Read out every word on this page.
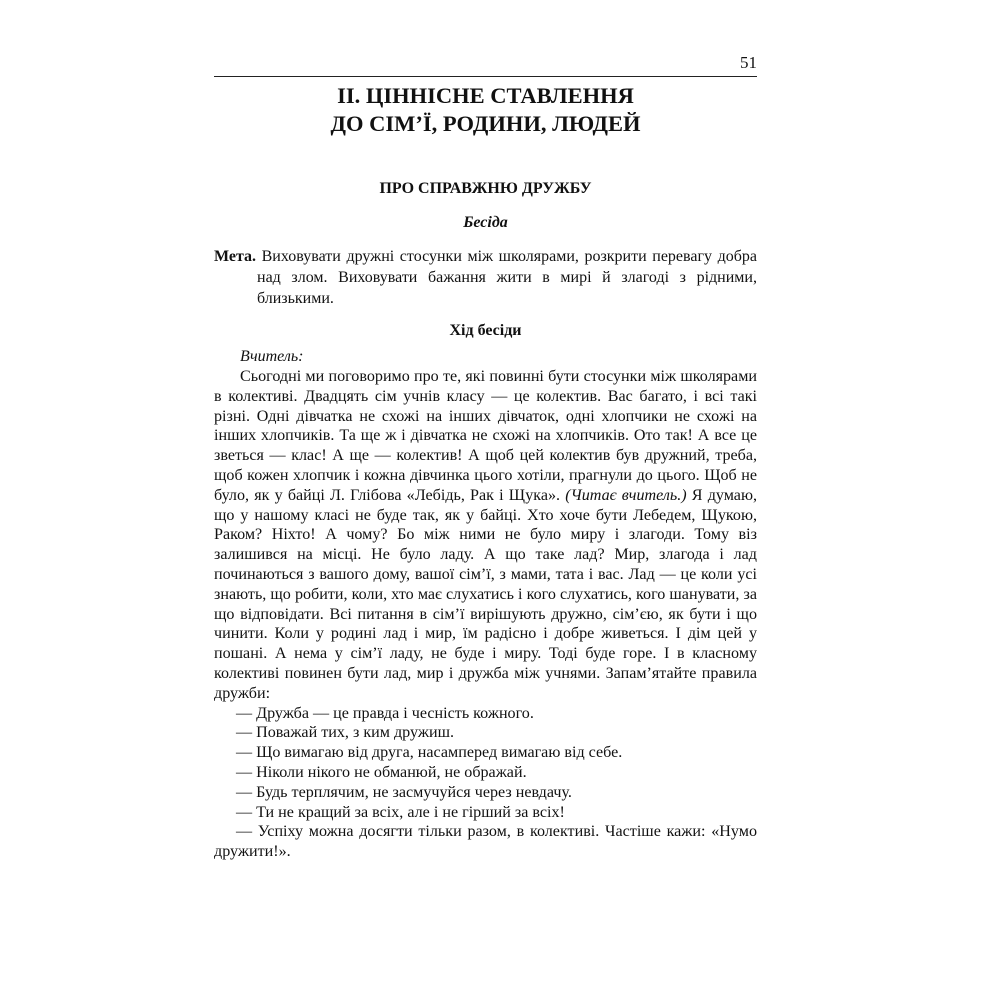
51
ІІ. ЦІННІСНЕ СТАВЛЕННЯ
ДО СІМ’Ї, РОДИНИ, ЛЮДЕЙ
ПРО СПРАВЖНЮ ДРУЖБУ
Бесіда
Мета. Виховувати дружні стосунки між школярами, розкрити перевагу добра над злом. Виховувати бажання жити в мирі й злагоді з рідними, близькими.
Хід бесіди
Вчитель:

Сьогодні ми поговоримо про те, які повинні бути стосунки між школярами в колективі. Двадцять сім учнів класу — це колектив. Вас багато, і всі такі різні. Одні дівчатка не схожі на інших дівчаток, одні хлопчики не схожі на інших хлопчиків. Та ще ж і дівчатка не схожі на хлопчиків. Ото так! А все це зветься — клас! А ще — колектив! А щоб цей колектив був дружний, треба, щоб кожен хлопчик і кожна дівчинка цього хотіли, прагнули до цього. Щоб не було, як у байці Л. Глібова «Лебідь, Рак і Щука». (Читає вчитель.) Я думаю, що у нашому класі не буде так, як у байці. Хто хоче бути Лебедем, Щукою, Раком? Ніхто! А чому? Бо між ними не було миру і злагоди. Тому віз залишився на місці. Не було ладу. А що таке лад? Мир, злагода і лад починаються з вашого дому, вашої сім’ї, з мами, тата і вас. Лад — це коли усі знають, що робити, коли, хто має слухатись і кого слухатись, кого шанувати, за що відповідати. Всі питання в сім’ї вирішують дружно, сім’єю, як бути і що чинити. Коли у родині лад і мир, їм радісно і добре живеться. І дім цей у пошані. А нема у сім’ї ладу, не буде і миру. Тоді буде горе. І в класному колективі повинен бути лад, мир і дружба між учнями. Запам’ятайте правила дружби:

— Дружба — це правда і чесність кожного.
— Поважай тих, з ким дружиш.
— Що вимагаю від друга, насамперед вимагаю від себе.
— Ніколи нікого не обманюй, не ображай.
— Будь терплячим, не засмучуйся через невдачу.
— Ти не кращий за всіх, але і не гірший за всіх!
— Успіху можна досягти тільки разом, в колективі. Частіше кажи: «Нумо дружити!».
